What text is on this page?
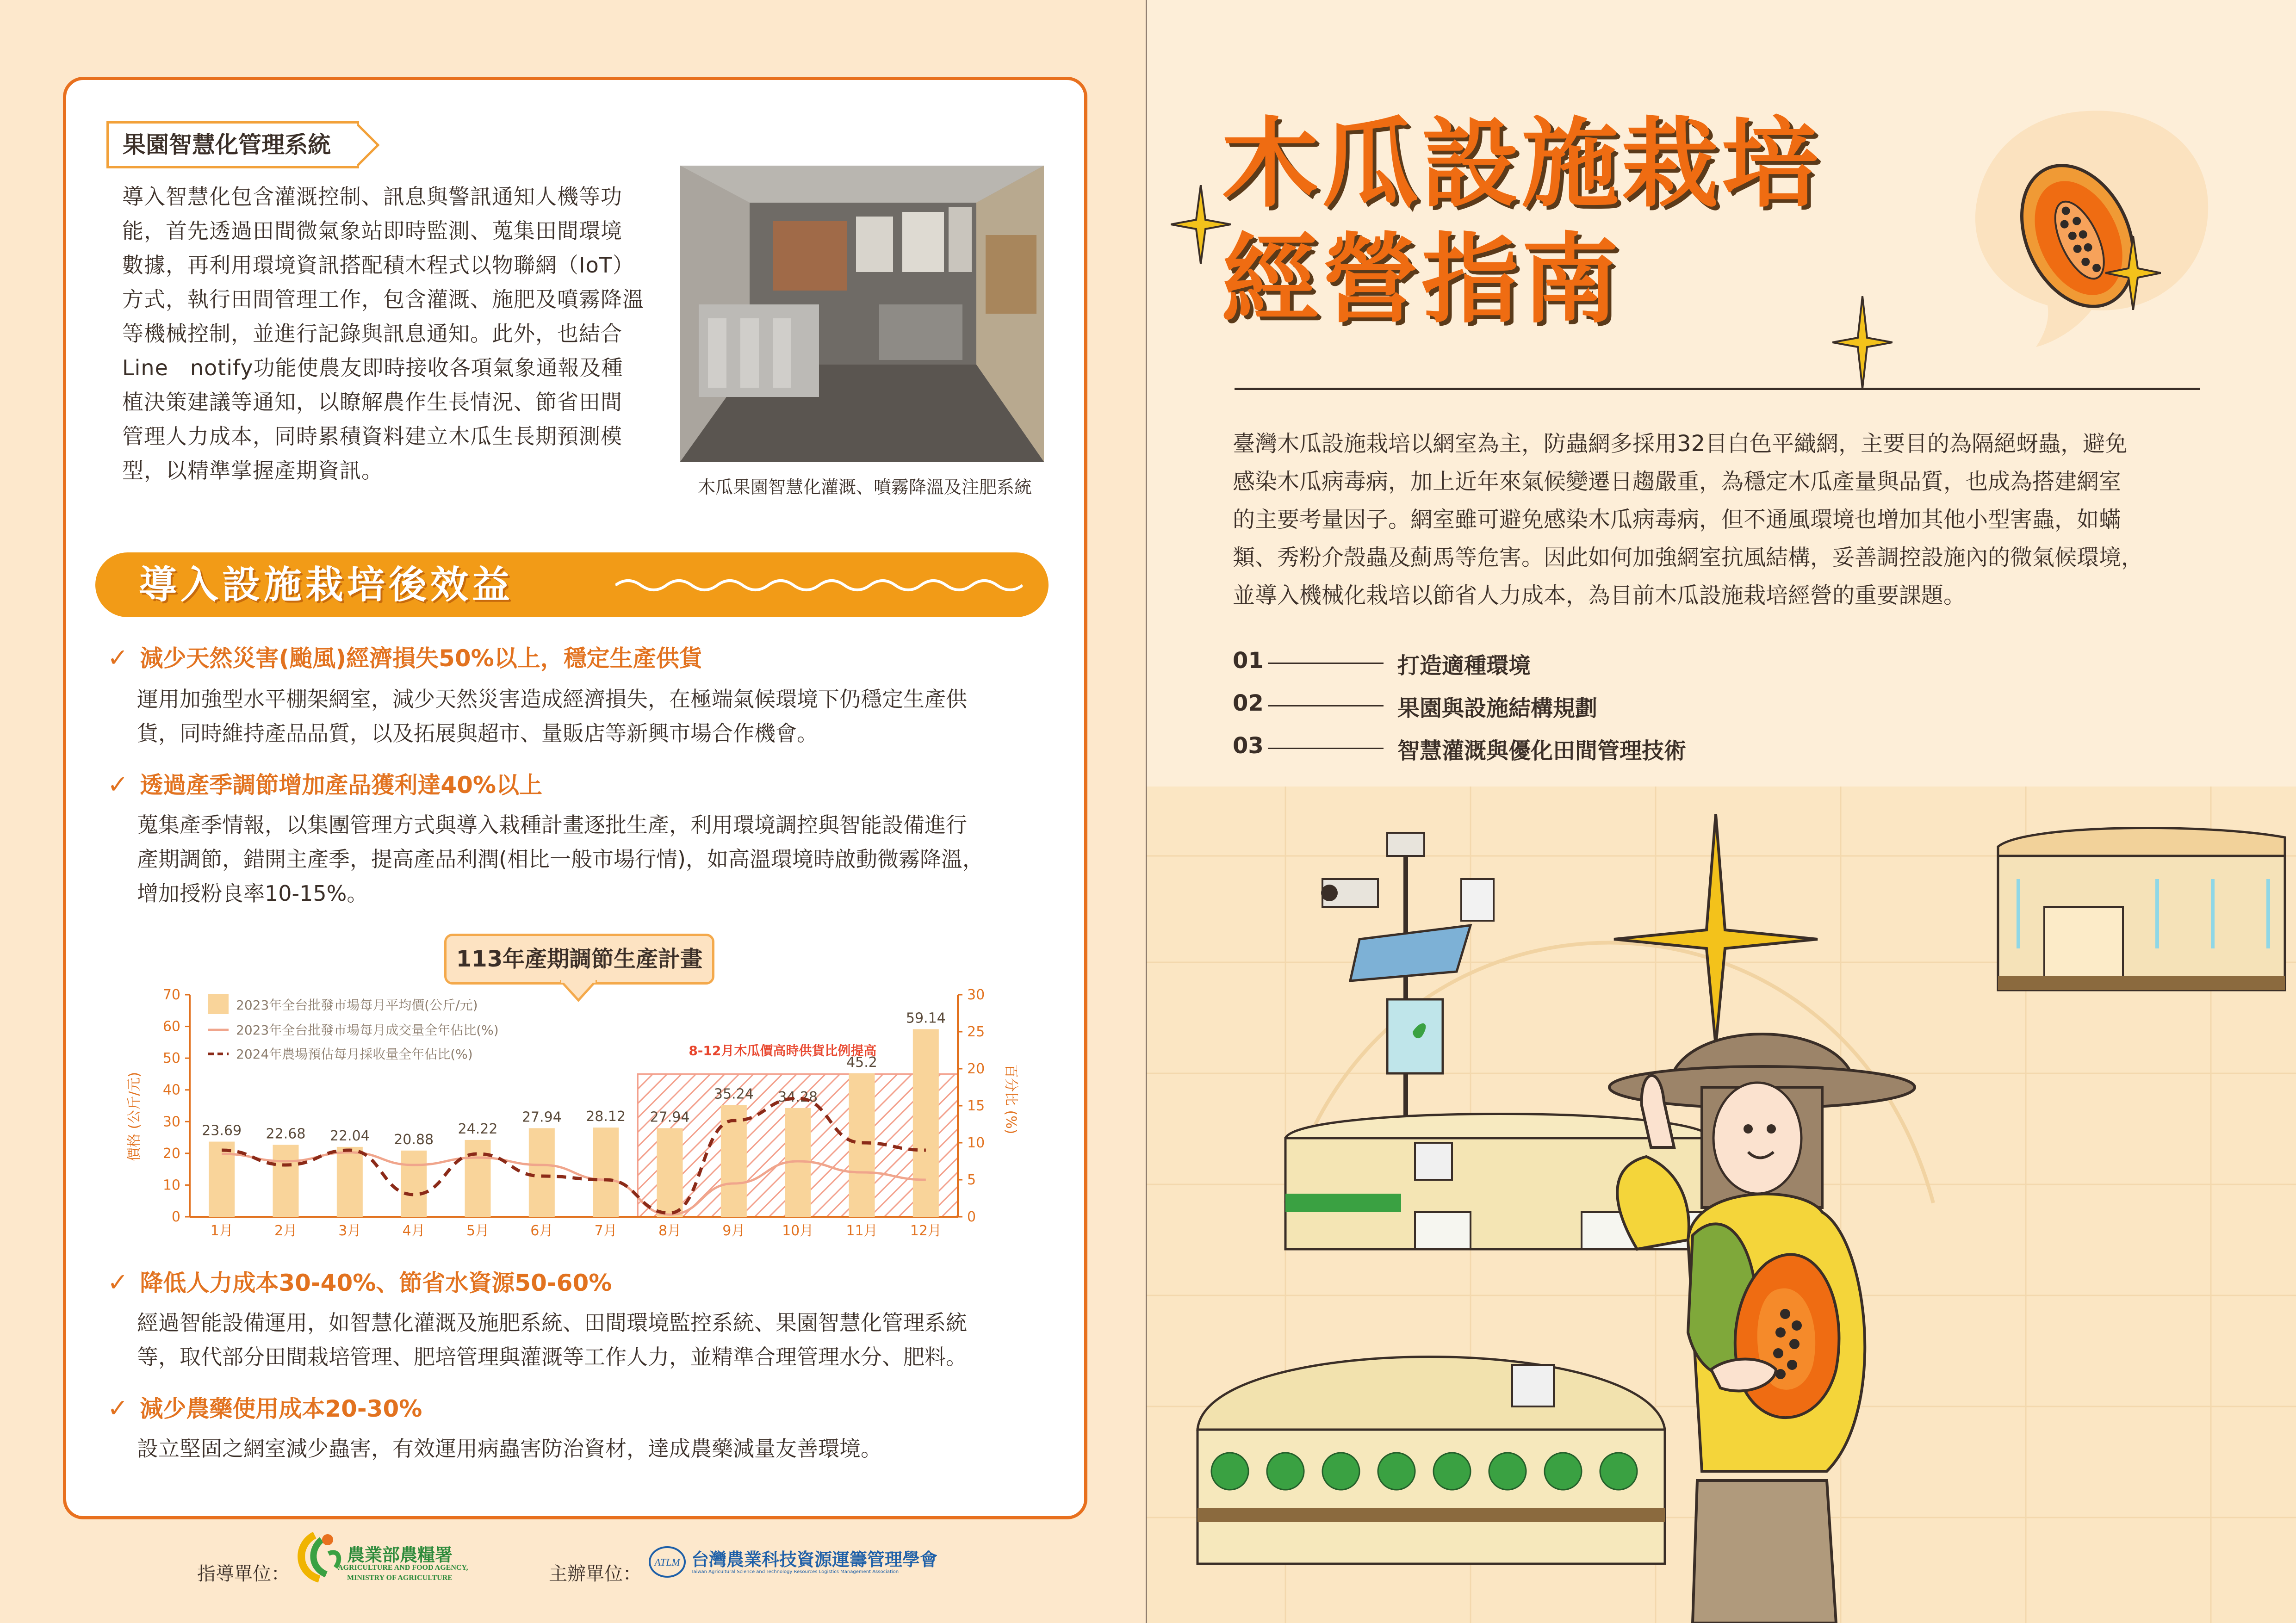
果園智慧化管理系統
導入智慧化包含灌溉控制、訊息與警訊通知人機等功
能，首先透過田間微氣象站即時監測、蒐集田間環境
數據，再利用環境資訊搭配積木程式以物聯網（IoT）
方式，執行田間管理工作，包含灌溉、施肥及噴霧降溫
等機械控制，並進行記錄與訊息通知。此外，也結合
Line　notify功能使農友即時接收各項氣象通報及種
植決策建議等通知，以瞭解農作生長情況、節省田間
管理人力成本，同時累積資料建立木瓜生長期預測模
型，以精準掌握產期資訊。
木瓜果園智慧化灌溉、噴霧降溫及注肥系統
導入設施栽培後效益
✓ 減少天然災害(颱風)經濟損失50%以上，穩定生產供貨
運用加強型水平棚架網室，減少天然災害造成經濟損失，在極端氣候環境下仍穩定生產供
貨，同時維持產品品質，以及拓展與超市、量販店等新興市場合作機會。
✓ 透過產季調節增加產品獲利達40%以上
蒐集產季情報，以集團管理方式與導入栽種計畫逐批生產，利用環境調控與智能設備進行
產期調節，錯開主產季，提高產品利潤(相比一般市場行情)，如高溫環境時啟動微霧降溫，
增加授粉良率10-15%。
113年產期調節生產計畫
8-12月木瓜價高時供貨比例提高
0
10
20
30
40
50
60
70
0
5
10
15
20
25
30
價格 (公斤/元)	百分比 (%)
23.69 22.68 22.04 20.88
24.22
27.94 28.12 27.94
35.24 34.28
45.2
59.14
1月	2月	3月	4月	5月	6月	7月	8月	9月	10月 11月 12月
2023年全台批發市場每月平均價(公斤/元)
2023年全台批發市場每月成交量全年佔比(%)
2024年農場預估每月採收量全年佔比(%)
✓ 降低人力成本30-40%、節省水資源50-60%
經過智能設備運用，如智慧化灌溉及施肥系統、田間環境監控系統、果園智慧化管理系統
等，取代部分田間栽培管理、肥培管理與灌溉等工作人力，並精準合理管理水分、肥料。
✓ 減少農藥使用成本20-30%
設立堅固之網室減少蟲害，有效運用病蟲害防治資材，達成農藥減量友善環境。
指導單位：
農業部農糧署
AGRICULTURE AND FOOD AGENCY,
MINISTRY OF AGRICULTURE	主辦單位：
ATLM 台灣農業科技資源運籌管理學會
Taiwan Agricultural Science and Technology Resources Logistics Management Association
木瓜設施栽培
經營指南
臺灣木瓜設施栽培以網室為主，防蟲網多採用32目白色平織網，主要目的為隔絕蚜蟲，避免
感染木瓜病毒病，加上近年來氣候變遷日趨嚴重，為穩定木瓜產量與品質，也成為搭建網室
的主要考量因子。網室雖可避免感染木瓜病毒病，但不通風環境也增加其他小型害蟲，如蟎
類、秀粉介殼蟲及薊馬等危害。因此如何加強網室抗風結構，妥善調控設施內的微氣候環境，
並導入機械化栽培以節省人力成本，為目前木瓜設施栽培經營的重要課題。
01	打造適種環境
02	果園與設施結構規劃
03	智慧灌溉與優化田間管理技術
